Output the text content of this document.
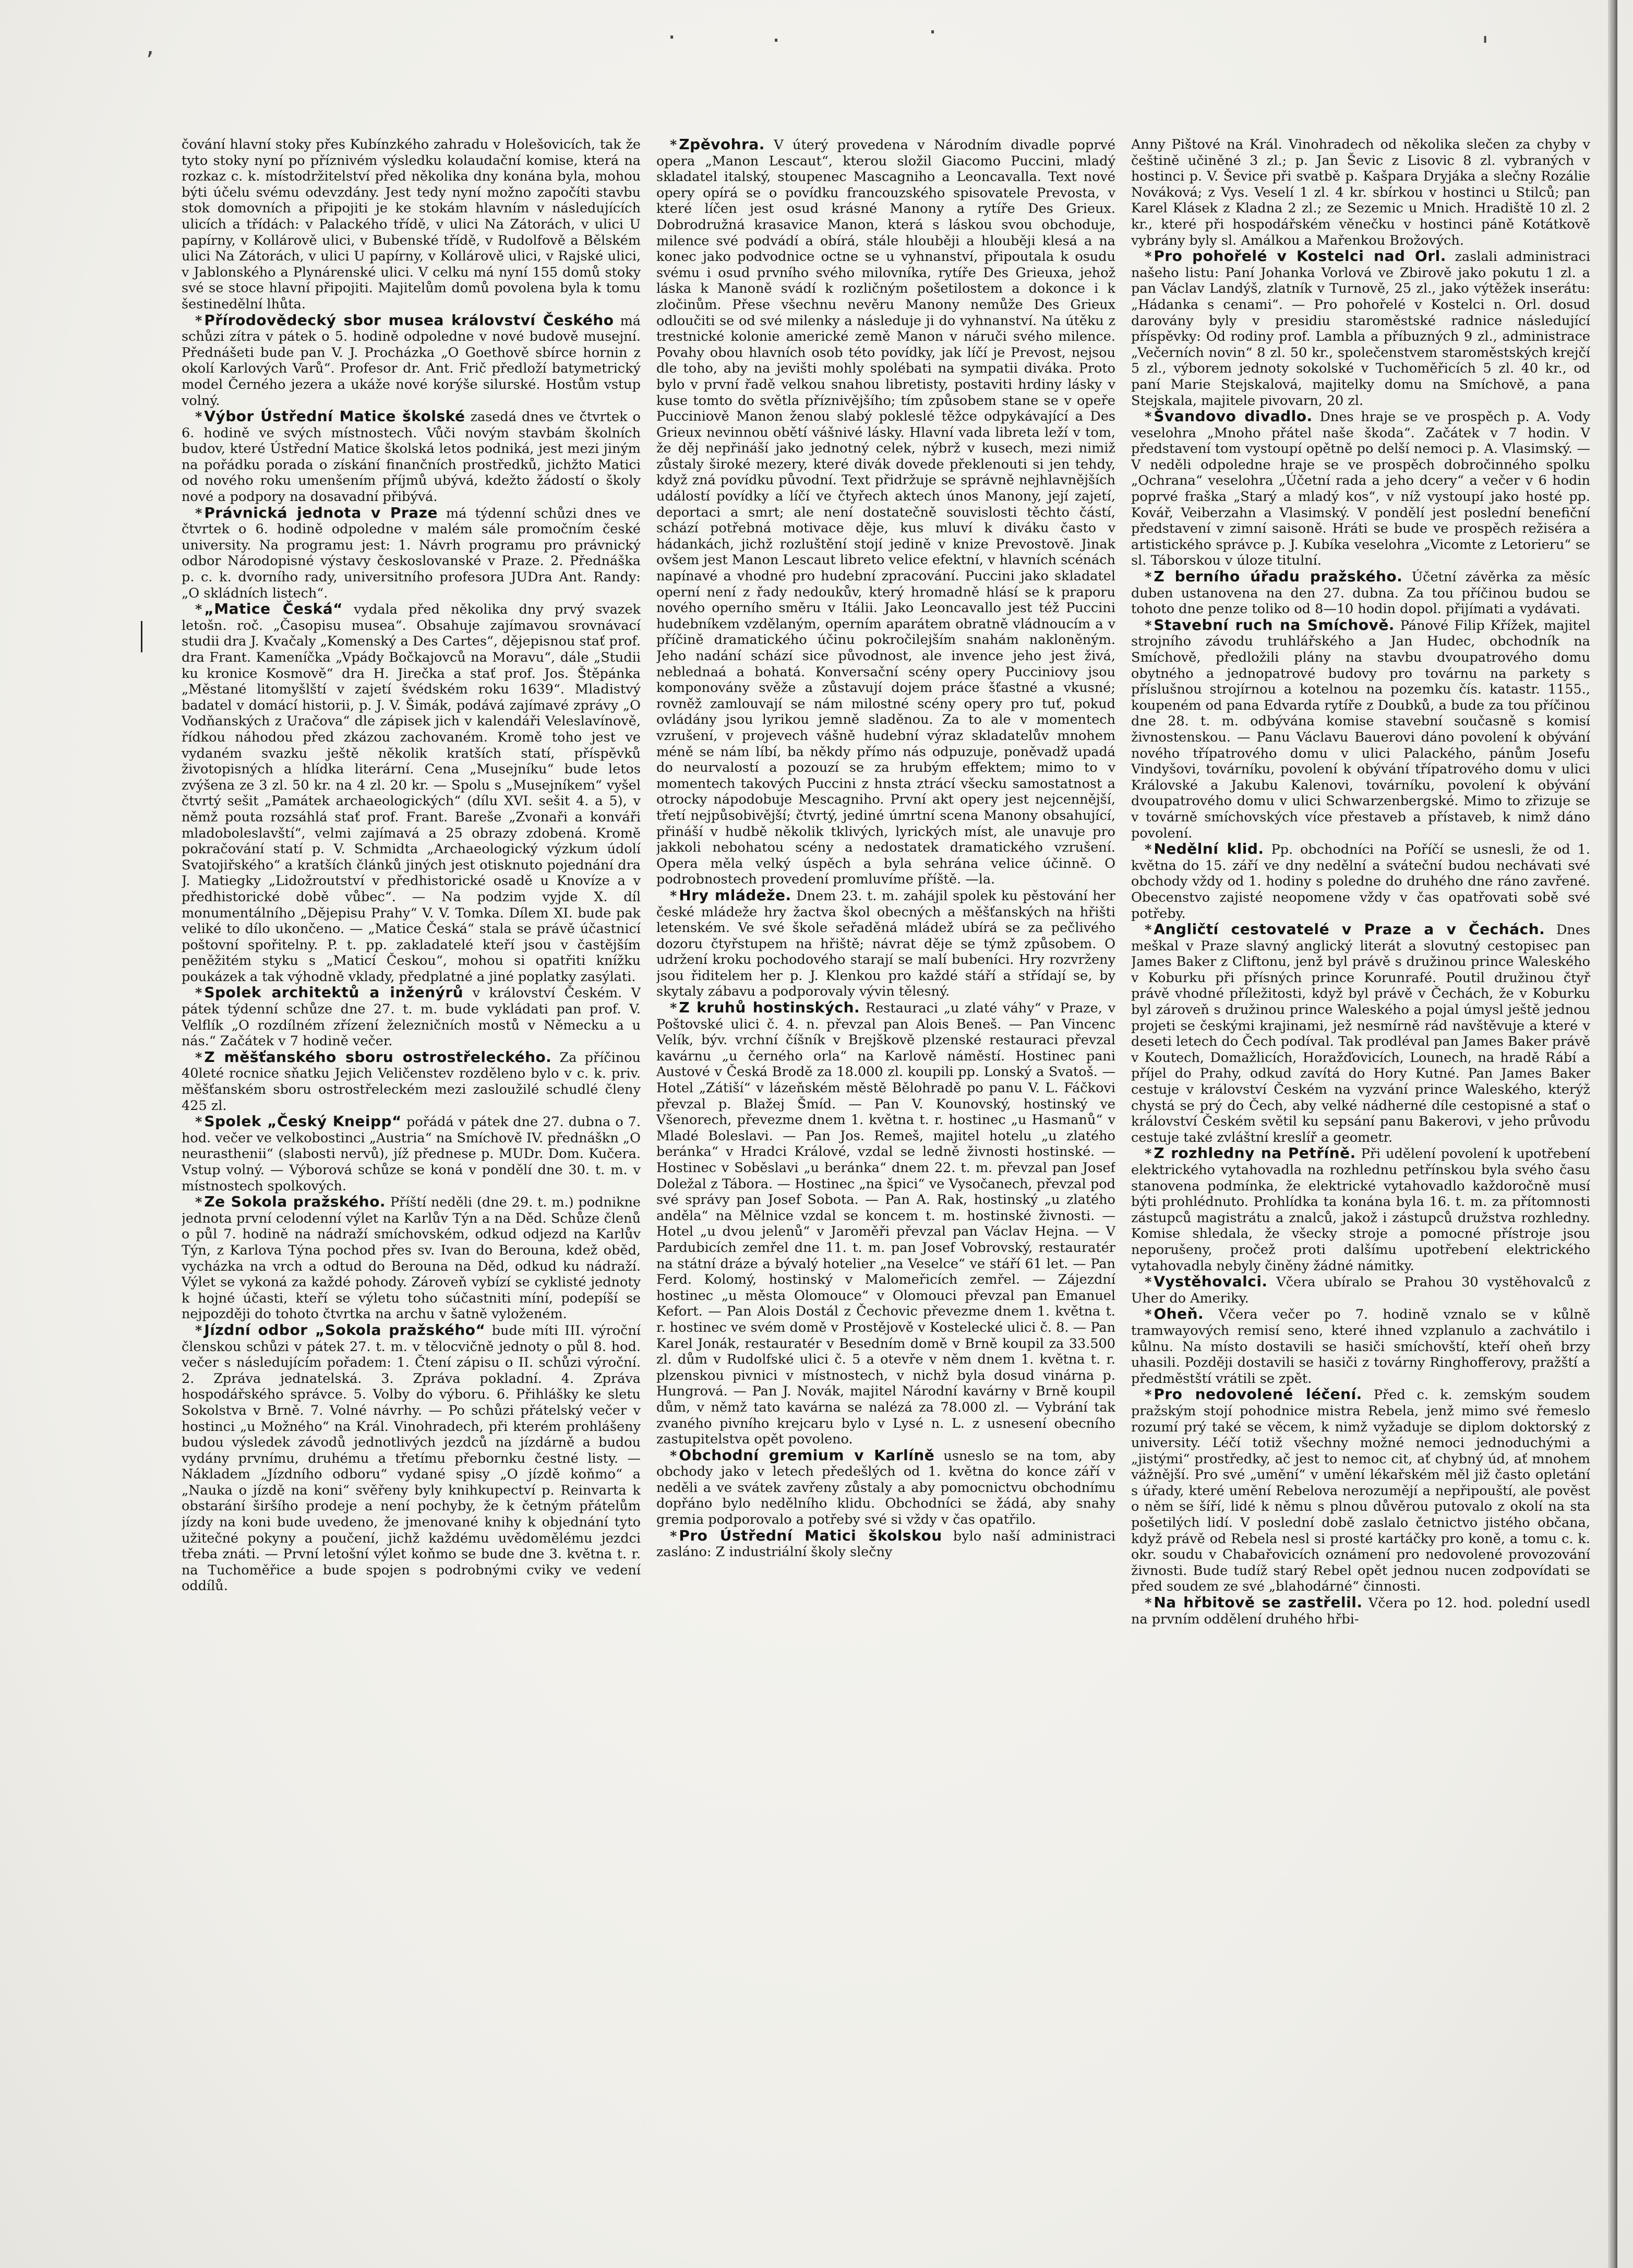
,
.	·
.
'

čování hlavní stoky přes Kubínzkého zahradu v Holešovicích, tak že tyto stoky nyní po příznivém výsledku kolaudační komise, která na rozkaz c. k. místodržitelství před několika dny konána byla, mohou býti účelu svému odevzdány. Jest tedy nyní možno započíti stavbu stok domovních a připojiti je ke stokám hlavním v následujících ulicích a třídách: v Palackého třídě, v ulici Na Zátorách, v ulici U papírny, v Kollárově ulici, v Bubenské třídě, v Rudolfově a Bělském ulici Na Zátorách, v ulici U papírny, v Kollárově ulici, v Rajské ulici, v Jablonského a Plynárenské ulici. V celku má nyní 155 domů stoky své se stoce hlavní připojiti. Majitelům domů povolena byla k tomu šestinedělní lhůta.

* Přírodovědecký sbor musea království Českého má schůzi zítra v pátek o 5. hodině odpoledne v nové budově musejní. Přednášeti bude pan V. J. Procházka „O Goethově sbírce hornin z okolí Karlových Varů“. Profesor dr. Ant. Frič předloží batymetrický model Černého jezera a ukáže nové korýše silurské. Hostům vstup volný.

* Výbor Ústřední Matice školské zasedá dnes ve čtvrtek o 6. hodině ve svých místnostech. Vůči novým stavbám školních budov, které Ústřední Matice školská letos podniká, jest mezi jiným na pořádku porada o získání finančních prostředků, jichžto Matici od nového roku umenšením příjmů ubývá, kdežto žádostí o školy nové a podpory na dosavadní přibývá.

* Právnická jednota v Praze má týdenní schůzi dnes ve čtvrtek o 6. hodině odpoledne v malém sále promočním české university. Na programu jest: 1. Návrh programu pro právnický odbor Národopisné výstavy českoslovanské v Praze. 2. Přednáška p. c. k. dvorního rady, universitního profesora JUDra Ant. Randy: „O skládních listech“.

* „Matice Česká“ vydala před několika dny prvý svazek letošn. roč. „Časopisu musea“. Obsahuje zajímavou srovnávací studii dra J. Kvačaly „Komenský a Des Cartes“, dějepisnou stať prof. dra Frant. Kameníčka „Vpády Bočkajovců na Moravu“, dále „Studii ku kronice Kosmově“ dra H. Jirečka a stať prof. Jos. Štěpánka „Městané litomyšlští v zajetí švédském roku 1639“. Mladistvý badatel v domácí historii, p. J. V. Šimák, podává zajímavé zprávy „O Vodňanských z Uračova“ dle zápisek jich v kalendáři Veleslavínově, řídkou náhodou před zkázou zachovaném. Kromě toho jest ve vydaném svazku ještě několik kratších statí, příspěvků životopisných a hlídka literární. Cena „Musejníku“ bude letos zvýšena ze 3 zl. 50 kr. na 4 zl. 20 kr. — Spolu s „Musejníkem“ vyšel čtvrtý sešit „Památek archaeologických“ (dílu XVI. sešit 4. a 5), v němž pouta rozsáhlá stať prof. Frant. Bareše „Zvonaři a konváři mladoboleslavští“, velmi zajímavá a 25 obrazy zdobená. Kromě pokračování statí p. V. Schmidta „Archaeologický výzkum údolí Svatojiřského“ a kratších článků jiných jest otisknuto pojednání dra J. Matiegky „Lidožroutství v předhistorické osadě u Knovíze a v předhistorické době vůbec“. — Na podzim vyjde X. díl monumentálního „Dějepisu Prahy“ V. V. Tomka. Dílem XI. bude pak veliké to dílo ukončeno. — „Matice Česká“ stala se právě účastnicí poštovní spořitelny. P. t. pp. zakladatelé kteří jsou v častějším peněžitém styku s „Maticí Českou“, mohou si opatřiti knížku poukázek a tak výhodně vklady, předplatné a jiné poplatky zasýlati.

* Spolek architektů a inženýrů v království Českém. V pátek týdenní schůze dne 27. t. m. bude vykládati pan prof. V. Velflík „O rozdílném zřízení železničních mostů v Německu a u nás.“ Začátek v 7 hodině večer.

* Z měšťanského sboru ostrostřeleckého. Za příčinou 40leté rocnice sňatku Jejich Veličenstev rozděleno bylo v c. k. priv. měšťanském sboru ostrostřeleckém mezi zasloužilé schudlé členy 425 zl.

* Spolek „Český Kneipp“ pořádá v pátek dne 27. dubna o 7. hod. večer ve velkobostinci „Austria“ na Smíchově IV. přednáškn „O neurasthenii“ (slabosti nervů), jíž přednese p. MUDr. Dom. Kučera. Vstup volný. — Výborová schůze se koná v pondělí dne 30. t. m. v místnostech spolkových.

* Ze Sokola pražského. Příští neděli (dne 29. t. m.) podnikne jednota první celodenní výlet na Karlův Týn a na Děd. Schůze členů o půl 7. hodině na nádraží smíchovském, odkud odjezd na Karlův Týn, z Karlova Týna pochod přes sv. Ivan do Berouna, kdež oběd, vycházka na vrch a odtud do Berouna na Děd, odkud ku nádraží. Výlet se vykoná za každé pohody. Zároveň vybízí se cyklisté jednoty k hojné účasti, kteří se výletu toho súčastniti míní, podepíší se nejpozději do tohoto čtvrtka na archu v šatně vyloženém.

* Jízdní odbor „Sokola pražského“ bude míti III. výroční členskou schůzi v pátek 27. t. m. v tělocvičně jednoty o půl 8. hod. večer s následujícím pořadem: 1. Čtení zápisu o II. schůzi výroční. 2. Zpráva jednatelská. 3. Zpráva pokladní. 4. Zpráva hospodářského správce. 5. Volby do výboru. 6. Přihlášky ke sletu Sokolstva v Brně. 7. Volné návrhy. — Po schůzi přátelský večer v hostinci „u Možného“ na Král. Vinohradech, při kterém prohlášeny budou výsledek závodů jednotlivých jezdců na jízdárně a budou vydány prvnímu, druhému a třetímu přebornku čestné listy. — Nákladem „Jízdního odboru“ vydané spisy „O jízdě koňmo“ a „Nauka o jízdě na koni“ svěřeny byly knihkupectví p. Reinvarta k obstarání širšího prodeje a není pochyby, že k četným přátelům jízdy na koni bude uvedeno, že jmenované knihy k objednání tyto užitečné pokyny a poučení, jichž každému uvědomělému jezdci třeba znáti. — První letošní výlet koňmo se bude dne 3. května t. r. na Tuchoměřice a bude spojen s podrobnými cviky ve vedení oddílů.

* Zpěvohra. V úterý provedena v Národním divadle poprvé opera „Manon Lescaut“, kterou složil Giacomo Puccini, mladý skladatel italský, stoupenec Mascagniho a Leoncavalla. Text nové opery opírá se o povídku francouzského spisovatele Prevosta, v které líčen jest osud krásné Manony a rytíře Des Grieux. Dobrodružná krasavice Manon, která s láskou svou obchoduje, milence své podvádí a obírá, stále hlouběji a hlouběji klesá a na konec jako podvodnice octne se u vyhnanství, připoutala k osudu svému i osud prvního svého milovníka, rytíře Des Grieuxa, jehož láska k Manoně svádí k rozličným pošetilostem a dokonce i k zločinům. Přese všechnu nevěru Manony nemůže Des Grieux odloučiti se od své milenky a následuje ji do vyhnanství. Na útěku z trestnické kolonie americké země Manon v náruči svého milence. Povahy obou hlavních osob této povídky, jak líčí je Prevost, nejsou dle toho, aby na jevišti mohly spolébati na sympatii diváka. Proto bylo v první řadě velkou snahou libretisty, postaviti hrdiny lásky v kuse tomto do světla příznivějšího; tím způsobem stane se v opeře Pucciniově Manon ženou slabý pokleslé těžce odpykávající a Des Grieux nevinnou obětí vášnivé lásky. Hlavní vada libreta leží v tom, že děj nepřináší jako jednotný celek, nýbrž v kusech, mezi nimiž zůstaly široké mezery, které divák dovede překlenouti si jen tehdy, když zná povídku původní. Text přidržuje se správně nejhlavnějších událostí povídky a líčí ve čtyřech aktech únos Manony, její zajetí, deportaci a smrt; ale není dostatečně souvislosti těchto částí, schází potřebná motivace děje, kus mluví k diváku často v hádankách, jichž rozluštění stojí jedině v knize Prevostově. Jinak ovšem jest Manon Lescaut libreto velice efektní, v hlavních scénách napínavé a vhodné pro hudební zpracování. Puccini jako skladatel operní není z řady nedoukův, který hromadně hlásí se k praporu nového operního směru v Itálii. Jako Leoncavallo jest též Puccini hudebníkem vzdělaným, operním aparátem obratně vládnoucím a v příčině dramatického účinu pokročilejším snahám nakloněným. Jeho nadání schází sice původnost, ale invence jeho jest živá, neblednaá a bohatá. Konversační scény opery Pucciniovy jsou komponovány svěže a zůstavují dojem práce šťastné a vkusné; rovněž zamlouvají se nám milostné scény opery pro tuť, pokud ovládány jsou lyrikou jemně sladěnou. Za to ale v momentech vzrušení, v projevech vášně hudební výraz skladatelův mnohem méně se nám líbí, ba někdy přímo nás odpuzuje, poněvadž upadá do neurvalostí a pozouzí se za hrubým effektem; mimo to v momentech takových Puccini z hnsta ztrácí všecku samostatnost a otrocky nápodobuje Mescagniho. První akt opery jest nejcennější, třetí nejpůsobivější; čtvrtý, jediné úmrtní scena Manony obsahující, přináší v hudbě několik tklivých, lyrických míst, ale unavuje pro jakkoli nebohatou scény a nedostatek dramatického vzrušení. Opera měla velký úspěch a byla sehrána velice účinně. O podrobnostech provedení promluvíme příště. —la.

* Hry mládeže. Dnem 23. t. m. zahájil spolek ku pěstování her české mládeže hry žactva škol obecných a měšťanských na hřišti letenském. Ve své škole seřaděná mládež ubírá se za pečlivého dozoru čtyřstupem na hřiště; návrat děje se týmž způsobem. O udržení kroku pochodového starají se malí bubeníci. Hry rozvrženy jsou řiditelem her p. J. Klenkou pro každé stáří a střídají se, by skytaly zábavu a podporovaly vývin tělesný.

* Z kruhů hostinských. Restauraci „u zlaté váhy“ v Praze, v Poštovské ulici č. 4. n. převzal pan Alois Beneš. — Pan Vincenc Velík, býv. vrchní číšník v Brejškově plzenské restauraci převzal kavárnu „u černého orla“ na Karlově náměstí. Hostinec pani Austové v Česká Brodě za 18.000 zl. koupili pp. Lonský a Svatoš. — Hotel „Zátiší“ v lázeňském městě Bělohradě po panu V. L. Fáčkovi převzal p. Blažej Šmíd. — Pan V. Kounovský, hostinský ve Všenorech, převezme dnem 1. května t. r. hostinec „u Hasmanů“ v Mladé Boleslavi. — Pan Jos. Remeš, majitel hotelu „u zlatého beránka“ v Hradci Králové, vzdal se ledně živnosti hostinské. — Hostinec v Soběslavi „u beránka“ dnem 22. t. m. převzal pan Josef Doležal z Tábora. — Hostinec „na špici“ ve Vysočanech, převzal pod své správy pan Josef Sobota. — Pan A. Rak, hostinský „u zlatého anděla“ na Mělnice vzdal se koncem t. m. hostinské živnosti. — Hotel „u dvou jelenů“ v Jaroměři převzal pan Václav Hejna. — V Pardubicích zemřel dne 11. t. m. pan Josef Vobrovský, restauratér na státní dráze a bývalý hotelier „na Veselce“ ve stáří 61 let. — Pan Ferd. Kolomý, hostinský v Malomeřicích zemřel. — Zájezdní hostinec „u města Olomouce“ v Olomouci převzal pan Emanuel Kefort. — Pan Alois Dostál z Čechovic převezme dnem 1. května t. r. hostinec ve svém domě v Prostějově v Kostelecké ulici č. 8. — Pan Karel Jonák, restauratér v Besedním domě v Brně koupil za 33.500 zl. dům v Rudolfské ulici č. 5 a otevře v něm dnem 1. května t. r. plzenskou pivnici v místnostech, v nichž byla dosud vinárna p. Hungrová. — Pan J. Novák, majitel Národní kavárny v Brně koupil dům, v němž tato kavárna se nalézá za 78.000 zl. — Vybrání tak zvaného pivního krejcaru bylo v Lysé n. L. z usnesení obecního zastupitelstva opět povoleno.

* Obchodní gremium v Karlíně usneslo se na tom, aby obchody jako v letech předešlých od 1. května do konce září v neděli a ve svátek zavřeny zůstaly a aby pomocnictvu obchodnímu dopřáno bylo nedělního klidu. Obchodníci se žádá, aby snahy gremia podporovalo a potřeby své si vždy v čas opatřilo.

* Pro Ústřední Matici školskou bylo naší administraci zasláno: Z industriální školy slečny

Anny Pištové na Král. Vinohradech od několika slečen za chyby v češtině učiněné 3 zl.; p. Jan Ševic z Lisovic 8 zl. vybraných v hostinci p. V. Ševice při svatbě p. Kašpara Dryjáka a slečny Rozálie Nováková; z Vys. Veselí 1 zl. 4 kr. sbírkou v hostinci u Stilců; pan Karel Klásek z Kladna 2 zl.; ze Sezemic u Mnich. Hradiště 10 zl. 2 kr., které při hospodářském věnečku v hostinci páně Kotátkově vybrány byly sl. Amálkou a Mařenkou Brožových.

* Pro pohořelé v Kostelci nad Orl. zaslali administraci našeho listu: Paní Johanka Vorlová ve Zbirově jako pokutu 1 zl. a pan Václav Landýš, zlatník v Turnově, 25 zl., jako výtěžek inserátu: „Hádanka s cenami“. — Pro pohořelé v Kostelci n. Orl. dosud darovány byly v presidiu staroměstské radnice následující příspěvky: Od rodiny prof. Lambla a příbuzných 9 zl., administrace „Večerních novin“ 8 zl. 50 kr., společenstvem staroměstských krejčí 5 zl., výborem jednoty sokolské v Tuchoměřicích 5 zl. 40 kr., od paní Marie Stejskalová, majitelky domu na Smíchově, a pana Stejskala, majitele pivovarn, 20 zl.

* Švandovo divadlo. Dnes hraje se ve prospěch p. A. Vody veselohra „Mnoho přátel naše škoda“. Začátek v 7 hodin. V představení tom vystoupí opětně po delší nemoci p. A. Vlasimský. — V neděli odpoledne hraje se ve prospěch dobročinného spolku „Ochrana“ veselohra „Účetní rada a jeho dcery“ a večer v 6 hodin poprvé fraška „Starý a mladý kos“, v níž vystoupí jako hosté pp. Kovář, Veiberzahn a Vlasimský. V pondělí jest poslední benefiční představení v zimní saisoně. Hráti se bude ve prospěch režiséra a artistického správce p. J. Kubíka veselohra „Vicomte z Letorieru“ se sl. Táborskou v úloze titulní.

* Z berního úřadu pražského. Účetní závěrka za měsíc duben ustanovena na den 27. dubna. Za tou příčinou budou se tohoto dne penze toliko od 8—10 hodin dopol. přijímati a vydávati.

* Stavební ruch na Smíchově. Pánové Filip Křížek, majitel strojního závodu truhlářského a Jan Hudec, obchodník na Smíchově, předložili plány na stavbu dvoupatrového domu obytného a jednopatrové budovy pro továrnu na parkety s příslušnou strojírnou a kotelnou na pozemku čís. katastr. 1155., koupeném od pana Edvarda rytíře z Doubků, a bude za tou příčinou dne 28. t. m. odbývána komise stavební současně s komisí živnostenskou. — Panu Václavu Bauerovi dáno povolení k obývání nového třípatrového domu v ulici Palackého, pánům Josefu Vindyšovi, továrníku, povolení k obývání třípatrového domu v ulici Královské a Jakubu Kalenovi, továrníku, povolení k obývání dvoupatrového domu v ulici Schwarzenbergské. Mimo to zřizuje se v továrně smíchovských více přestaveb a přístaveb, k nimž dáno povolení.

* Nedělní klid. Pp. obchodníci na Poříčí se usnesli, že od 1. května do 15. září ve dny nedělní a sváteční budou nechávati své obchody vždy od 1. hodiny s poledne do druhého dne ráno zavřené. Obecenstvo zajisté neopomene vždy v čas opatřovati sobě své potřeby.

* Angličtí cestovatelé v Praze a v Čechách. Dnes meškal v Praze slavný anglický literát a slovutný cestopisec pan James Baker z Cliftonu, jenž byl právě s družinou prince Waleského v Koburku při přísných prince Korunrafé. Poutil družinou čtyř právě vhodné příležitosti, když byl právě v Čechách, že v Koburku byl zároveň s družinou prince Waleského a pojal úmysl ještě jednou projeti se českými krajinami, jež nesmírně rád navštěvuje a které v deseti letech do Čech podíval. Tak prodléval pan James Baker právě v Koutech, Domažlicích, Horažďovicích, Lounech, na hradě Rábí a příjel do Prahy, odkud zavítá do Hory Kutné. Pan James Baker cestuje v království Českém na vyzvání prince Waleského, kterýž chystá se prý do Čech, aby velké nádherné díle cestopisné a stať o království Českém světil ku sepsání panu Bakerovi, v jeho průvodu cestuje také zvláštní kreslíř a geometr.

* Z rozhledny na Petříně. Při udělení povolení k upotřebení elektrického vytahovadla na rozhlednu petřínskou byla svého času stanovena podmínka, že elektrické vytahovadlo každoročně musí býti prohlédnuto. Prohlídka ta konána byla 16. t. m. za přítomnosti zástupců magistrátu a znalců, jakož i zástupců družstva rozhledny. Komise shledala, že všecky stroje a pomocné přístroje jsou neporušeny, pročež proti dalšímu upotřebení elektrického vytahovadla nebyly činěny žádné námitky.

* Vystěhovalci. Včera ubíralo se Prahou 30 vystěhovalců z Uher do Ameriky.

* Oheň. Včera večer po 7. hodině vznalo se v kůlně tramwayových remisí seno, které ihned vzplanulo a zachvátilo i kůlnu. Na místo dostavili se hasiči smíchovští, kteří oheň brzy uhasili. Později dostavili se hasiči z továrny Ringhofferovy, pražští a předměstští vrátili se zpět.

* Pro nedovolené léčení. Před c. k. zemským soudem pražským stojí pohodnice mistra Rebela, jenž mimo své řemeslo rozumí prý také se věcem, k nimž vyžaduje se diplom doktorský z university. Léčí totiž všechny možné nemoci jednoduchými a „jistými“ prostředky, ač jest to nemoc cit, ať chybný úd, ať mnohem vážnější. Pro své „umění“ v umění lékařském měl již často opletání s úřady, které umění Rebelova nerozumějí a nepřipouští, ale pověst o něm se šíří, lidé k němu s plnou důvěrou putovalo z okolí na sta pošetilých lidí. V poslední době zaslalo četnictvo jistého občana, když právě od Rebela nesl si prosté kartáčky pro koně, a tomu c. k. okr. soudu v Chabařovicích oznámení pro nedovolené provozování živnosti. Bude tudíž starý Rebel opět jednou nucen zodpovídati se před soudem ze své „blahodárné“ činnosti.

* Na hřbitově se zastřelil. Včera po 12. hod. polední usedl na prvním oddělení druhého hřbi-
